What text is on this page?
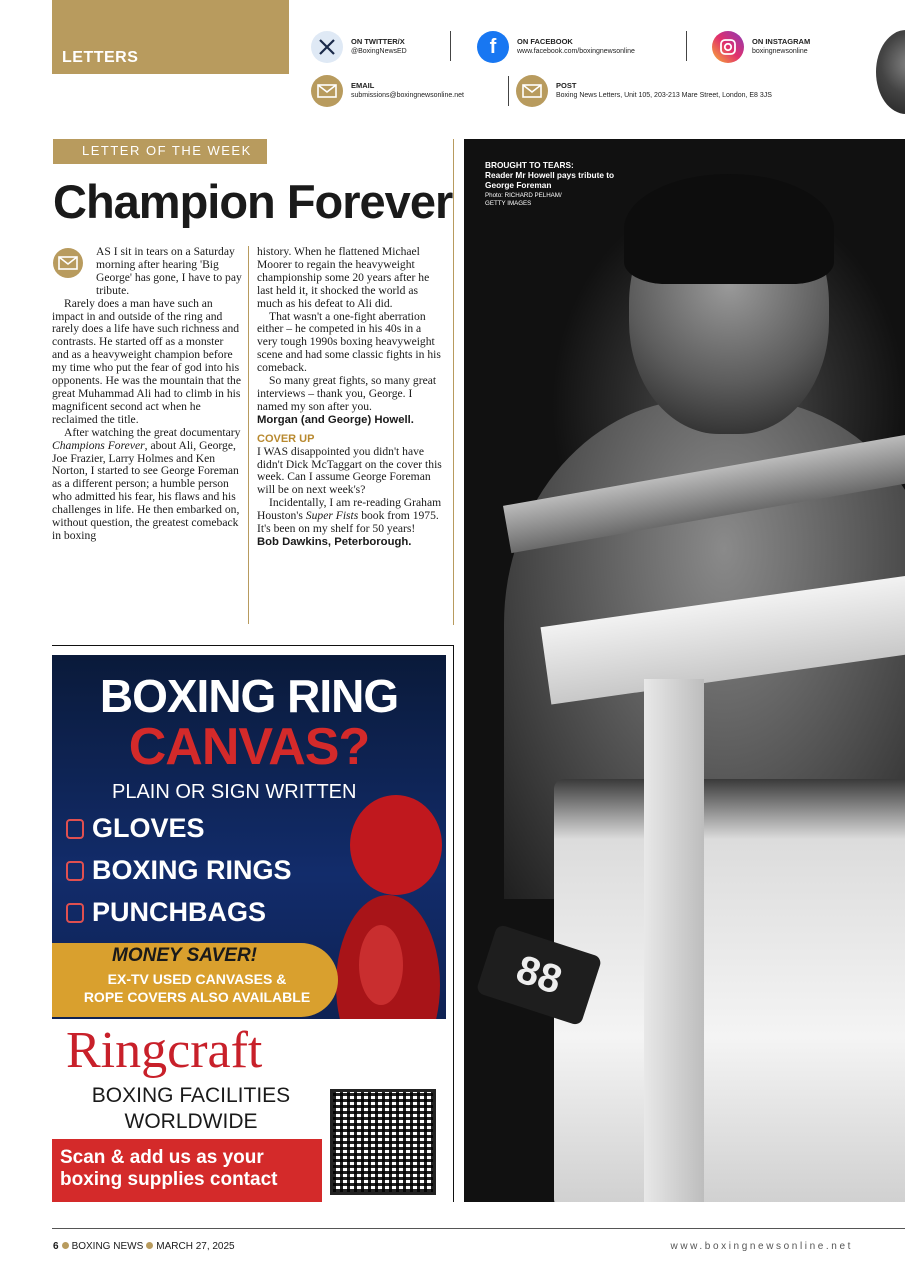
LETTERS
ON TWITTER/X
@BoxingNewsED	f	ON FACEBOOK
www.facebook.com/boxingnewsonline
ON INSTAGRAM
boxingnewsonline
EMAIL
submissions@boxingnewsonline.net
POST
Boxing News Letters, Unit 105, 203-213 Mare Street, London, E8 3JS
LETTER OF THE WEEK
Champion Forever

AS I sit in tears on a Saturday morning after hearing 'Big George' has gone, I have to pay tribute.

Rarely does a man have such an impact in and outside of the ring and rarely does a life have such richness and contrasts. He started off as a monster and as a heavyweight champion before my time who put the fear of god into his opponents. He was the mountain that the great Muhammad Ali had to climb in his magnificent second act when he reclaimed the title.

After watching the great documentary Champions Forever, about Ali, George, Joe Frazier, Larry Holmes and Ken Norton, I started to see George Foreman as a different person; a humble person who admitted his fear, his flaws and his challenges in life. He then embarked on, without question, the greatest comeback in boxing

history. When he flattened Michael Moorer to regain the heavyweight championship some 20 years after he last held it, it shocked the world as much as his defeat to Ali did.

That wasn't a one-fight aberration either – he competed in his 40s in a very tough 1990s boxing heavyweight scene and had some classic fights in his comeback.

So many great fights, so many great interviews – thank you, George. I named my son after you.

Morgan (and George) Howell.

COVER UP

I WAS disappointed you didn't have didn't Dick McTaggart on the cover this week. Can I assume George Foreman will be on next week's?

Incidentally, I am re-reading Graham Houston's Super Fists book from 1975. It's been on my shelf for 50 years!

Bob Dawkins, Peterborough.

BOXING RING
CANVAS?
PLAIN OR SIGN WRITTEN
GLOVES
BOXING RINGS
PUNCHBAGS
MONEY SAVER!
EX-TV USED CANVASES &
ROPE COVERS ALSO AVAILABLE
Ringcraft
BOXING FACILITIES
WORLDWIDE
Scan & add us as your
boxing supplies contact
88
BROUGHT TO TEARS:
Reader Mr Howell pays tribute to George Foreman
Photo: RICHARD PELHAM/
GETTY IMAGES
6 BOXING NEWS MARCH 27, 2025	www.boxingnewsonline.net
